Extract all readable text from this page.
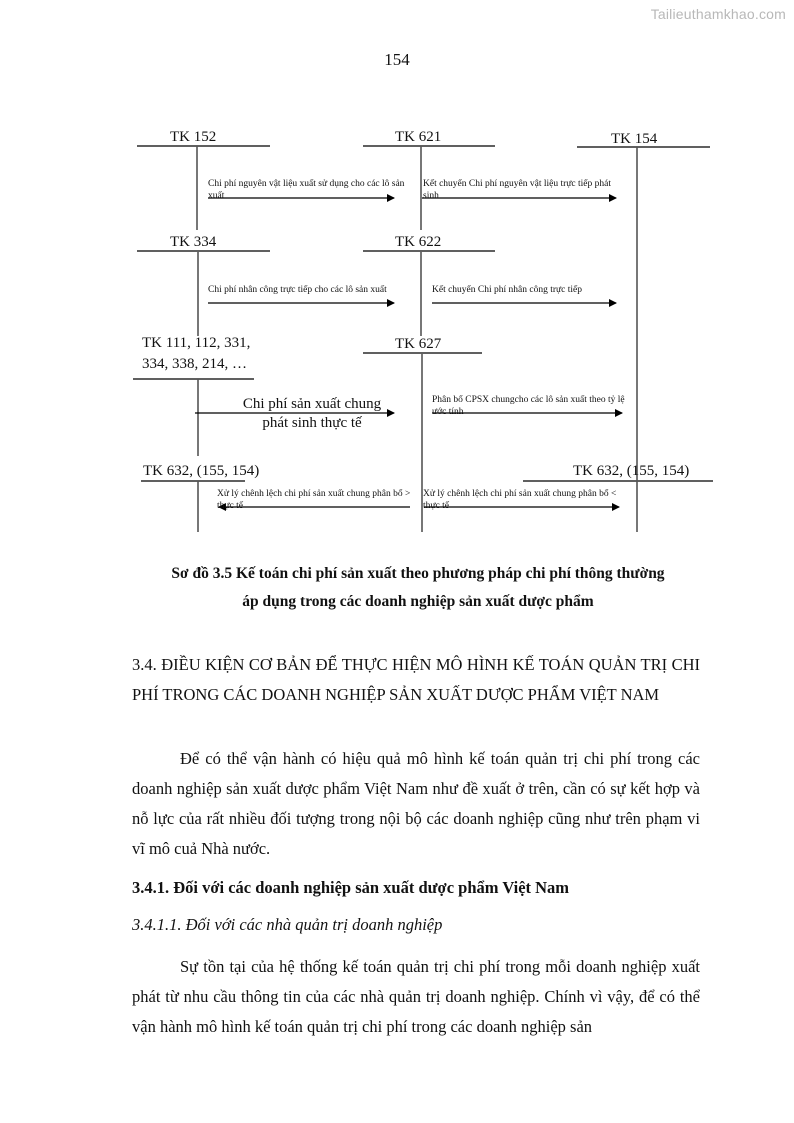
Tailieuthamkhao.com
154
TK 152	TK 621	TK 154
TK 334	TK 622
TK 111, 112, 331,
334, 338, 214, …
TK 627
TK 632, (155, 154)	TK 632, (155, 154)
Chi phí nguyên vật liệu xuất sử dụng cho các lô sản xuất
Kết chuyển Chi phí nguyên vật liệu trực tiếp phát sinh
Chi phí nhân công trực tiếp cho các lô sản xuất	Kết chuyển Chi phí nhân công trực tiếp
Chi phí sản xuất chung
phát sinh thực tế
Phân bổ CPSX chungcho các lô sản xuất theo tỷ lệ ước tính
Xử lý chênh lệch chi phí sản xuất chung phân bổ > thực tế
Xử lý chênh lệch chi phí sản xuất chung phân bổ < thực tế
Sơ đồ 3.5 Kế toán chi phí sản xuất theo phương pháp chi phí thông thường
áp dụng trong các doanh nghiệp sản xuất dược phẩm
3.4. ĐIỀU KIỆN CƠ BẢN ĐỂ THỰC HIỆN MÔ HÌNH KẾ TOÁN QUẢN TRỊ CHI PHÍ TRONG CÁC DOANH NGHIỆP SẢN XUẤT DƯỢC PHẨM VIỆT NAM
Để có thể vận hành có hiệu quả mô hình kế toán quản trị chi phí trong các doanh nghiệp sản xuất dược phẩm Việt Nam như đề xuất ở trên, cần có sự kết hợp và nỗ lực của rất nhiều đối tượng trong nội bộ các doanh nghiệp cũng như trên phạm vi vĩ mô cuả Nhà nước.
3.4.1. Đối với các doanh nghiệp sản xuất dược phẩm Việt Nam
3.4.1.1. Đối với các nhà quản trị doanh nghiệp
Sự tồn tại của hệ thống kế toán quản trị chi phí trong mỗi doanh nghiệp xuất phát từ nhu cầu thông tin của các nhà quản trị doanh nghiệp. Chính vì vậy, để có thể vận hành mô hình kế toán quản trị chi phí trong các doanh nghiệp sản
